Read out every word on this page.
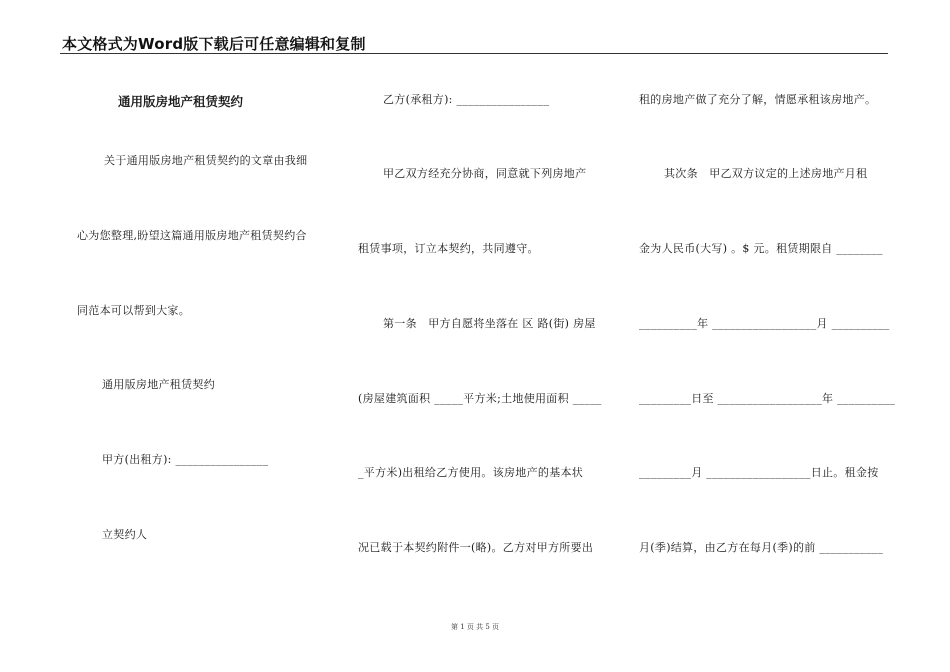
本文格式为Word版下载后可任意编辑和复制
通用版房地产租赁契约
关于通用版房地产租赁契约的文章由我细
心为您整理,盼望这篇通用版房地产租赁契约合
同范本可以帮到大家。
通用版房地产租赁契约
甲方(出租方): ________________
立契约人
乙方(承租方): ________________
甲乙双方经充分协商，同意就下列房地产
租赁事项，订立本契约，共同遵守。
第一条　甲方自愿将坐落在 区 路(街) 房屋
(房屋建筑面积 _____平方米;土地使用面积 _____
_平方米)出租给乙方使用。该房地产的基本状
况已载于本契约附件一(略)。乙方对甲方所要出
租的房地产做了充分了解，情愿承租该房地产。
其次条　甲乙双方议定的上述房地产月租
金为人民币(大写) 。$ 元。租赁期限自 ________
__________年 __________________月 __________
_________日至 __________________年 __________
_________月 __________________日止。租金按
月(季)结算，由乙方在每月(季)的前 ___________
第 1 页 共 5 页
